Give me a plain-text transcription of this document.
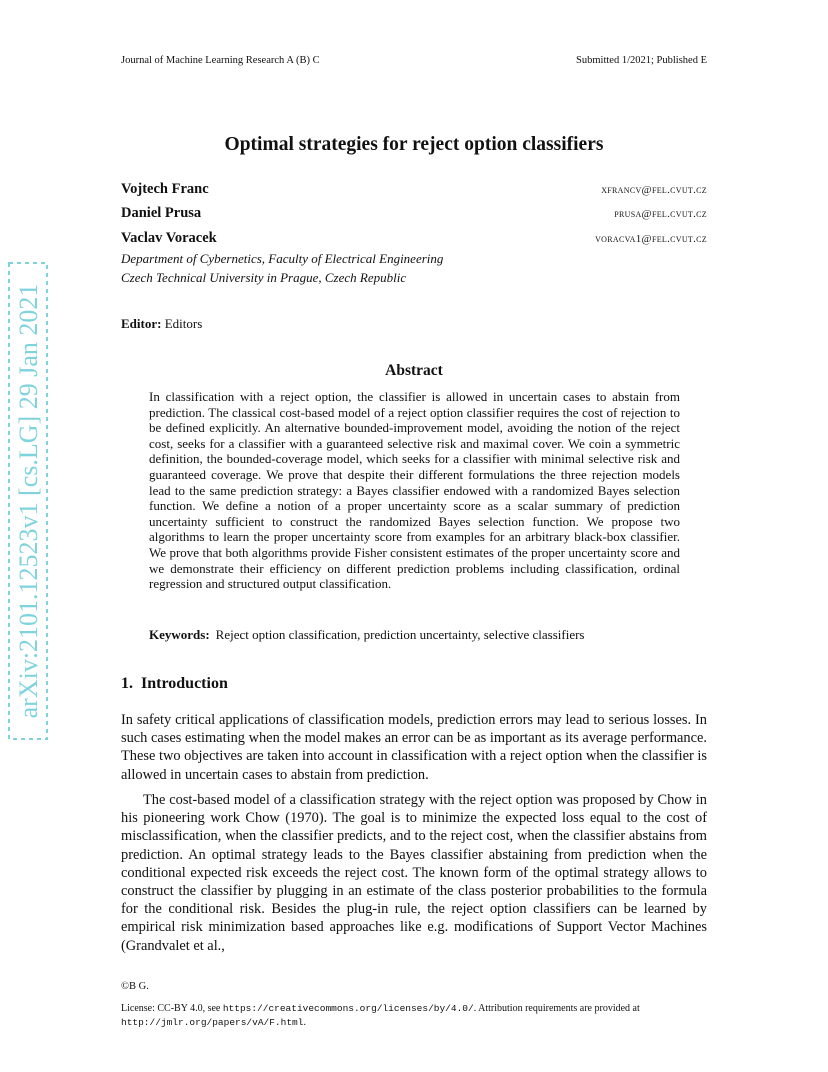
Journal of Machine Learning Research A (B) C	Submitted 1/2021; Published E
Optimal strategies for reject option classifiers
Vojtech Franc	xfrancv@fel.cvut.cz
Daniel Prusa	prusa@fel.cvut.cz
Vaclav Voracek	voracva1@fel.cvut.cz
Department of Cybernetics, Faculty of Electrical Engineering
Czech Technical University in Prague, Czech Republic
Editor: Editors
Abstract
In classification with a reject option, the classifier is allowed in uncertain cases to abstain from prediction. The classical cost-based model of a reject option classifier requires the cost of rejection to be defined explicitly. An alternative bounded-improvement model, avoiding the notion of the reject cost, seeks for a classifier with a guaranteed selective risk and maximal cover. We coin a symmetric definition, the bounded-coverage model, which seeks for a classifier with minimal selective risk and guaranteed coverage. We prove that despite their different formulations the three rejection models lead to the same prediction strategy: a Bayes classifier endowed with a randomized Bayes selection function. We define a notion of a proper uncertainty score as a scalar summary of prediction uncertainty sufficient to construct the randomized Bayes selection function. We propose two algorithms to learn the proper uncertainty score from examples for an arbitrary black-box classifier. We prove that both algorithms provide Fisher consistent estimates of the proper uncertainty score and we demonstrate their efficiency on different prediction problems including classification, ordinal regression and structured output classification.
Keywords: Reject option classification, prediction uncertainty, selective classifiers
1. Introduction
In safety critical applications of classification models, prediction errors may lead to serious losses. In such cases estimating when the model makes an error can be as important as its average performance. These two objectives are taken into account in classification with a reject option when the classifier is allowed in uncertain cases to abstain from prediction.
The cost-based model of a classification strategy with the reject option was proposed by Chow in his pioneering work Chow (1970). The goal is to minimize the expected loss equal to the cost of misclassification, when the classifier predicts, and to the reject cost, when the classifier abstains from prediction. An optimal strategy leads to the Bayes classifier abstaining from prediction when the conditional expected risk exceeds the reject cost. The known form of the optimal strategy allows to construct the classifier by plugging in an estimate of the class posterior probabilities to the formula for the conditional risk. Besides the plug-in rule, the reject option classifiers can be learned by empirical risk minimization based approaches like e.g. modifications of Support Vector Machines (Grandvalet et al.,
arXiv:2101.12523v1 [cs.LG] 29 Jan 2021
©B G.
License: CC-BY 4.0, see https://creativecommons.org/licenses/by/4.0/. Attribution requirements are provided at http://jmlr.org/papers/vA/F.html.
